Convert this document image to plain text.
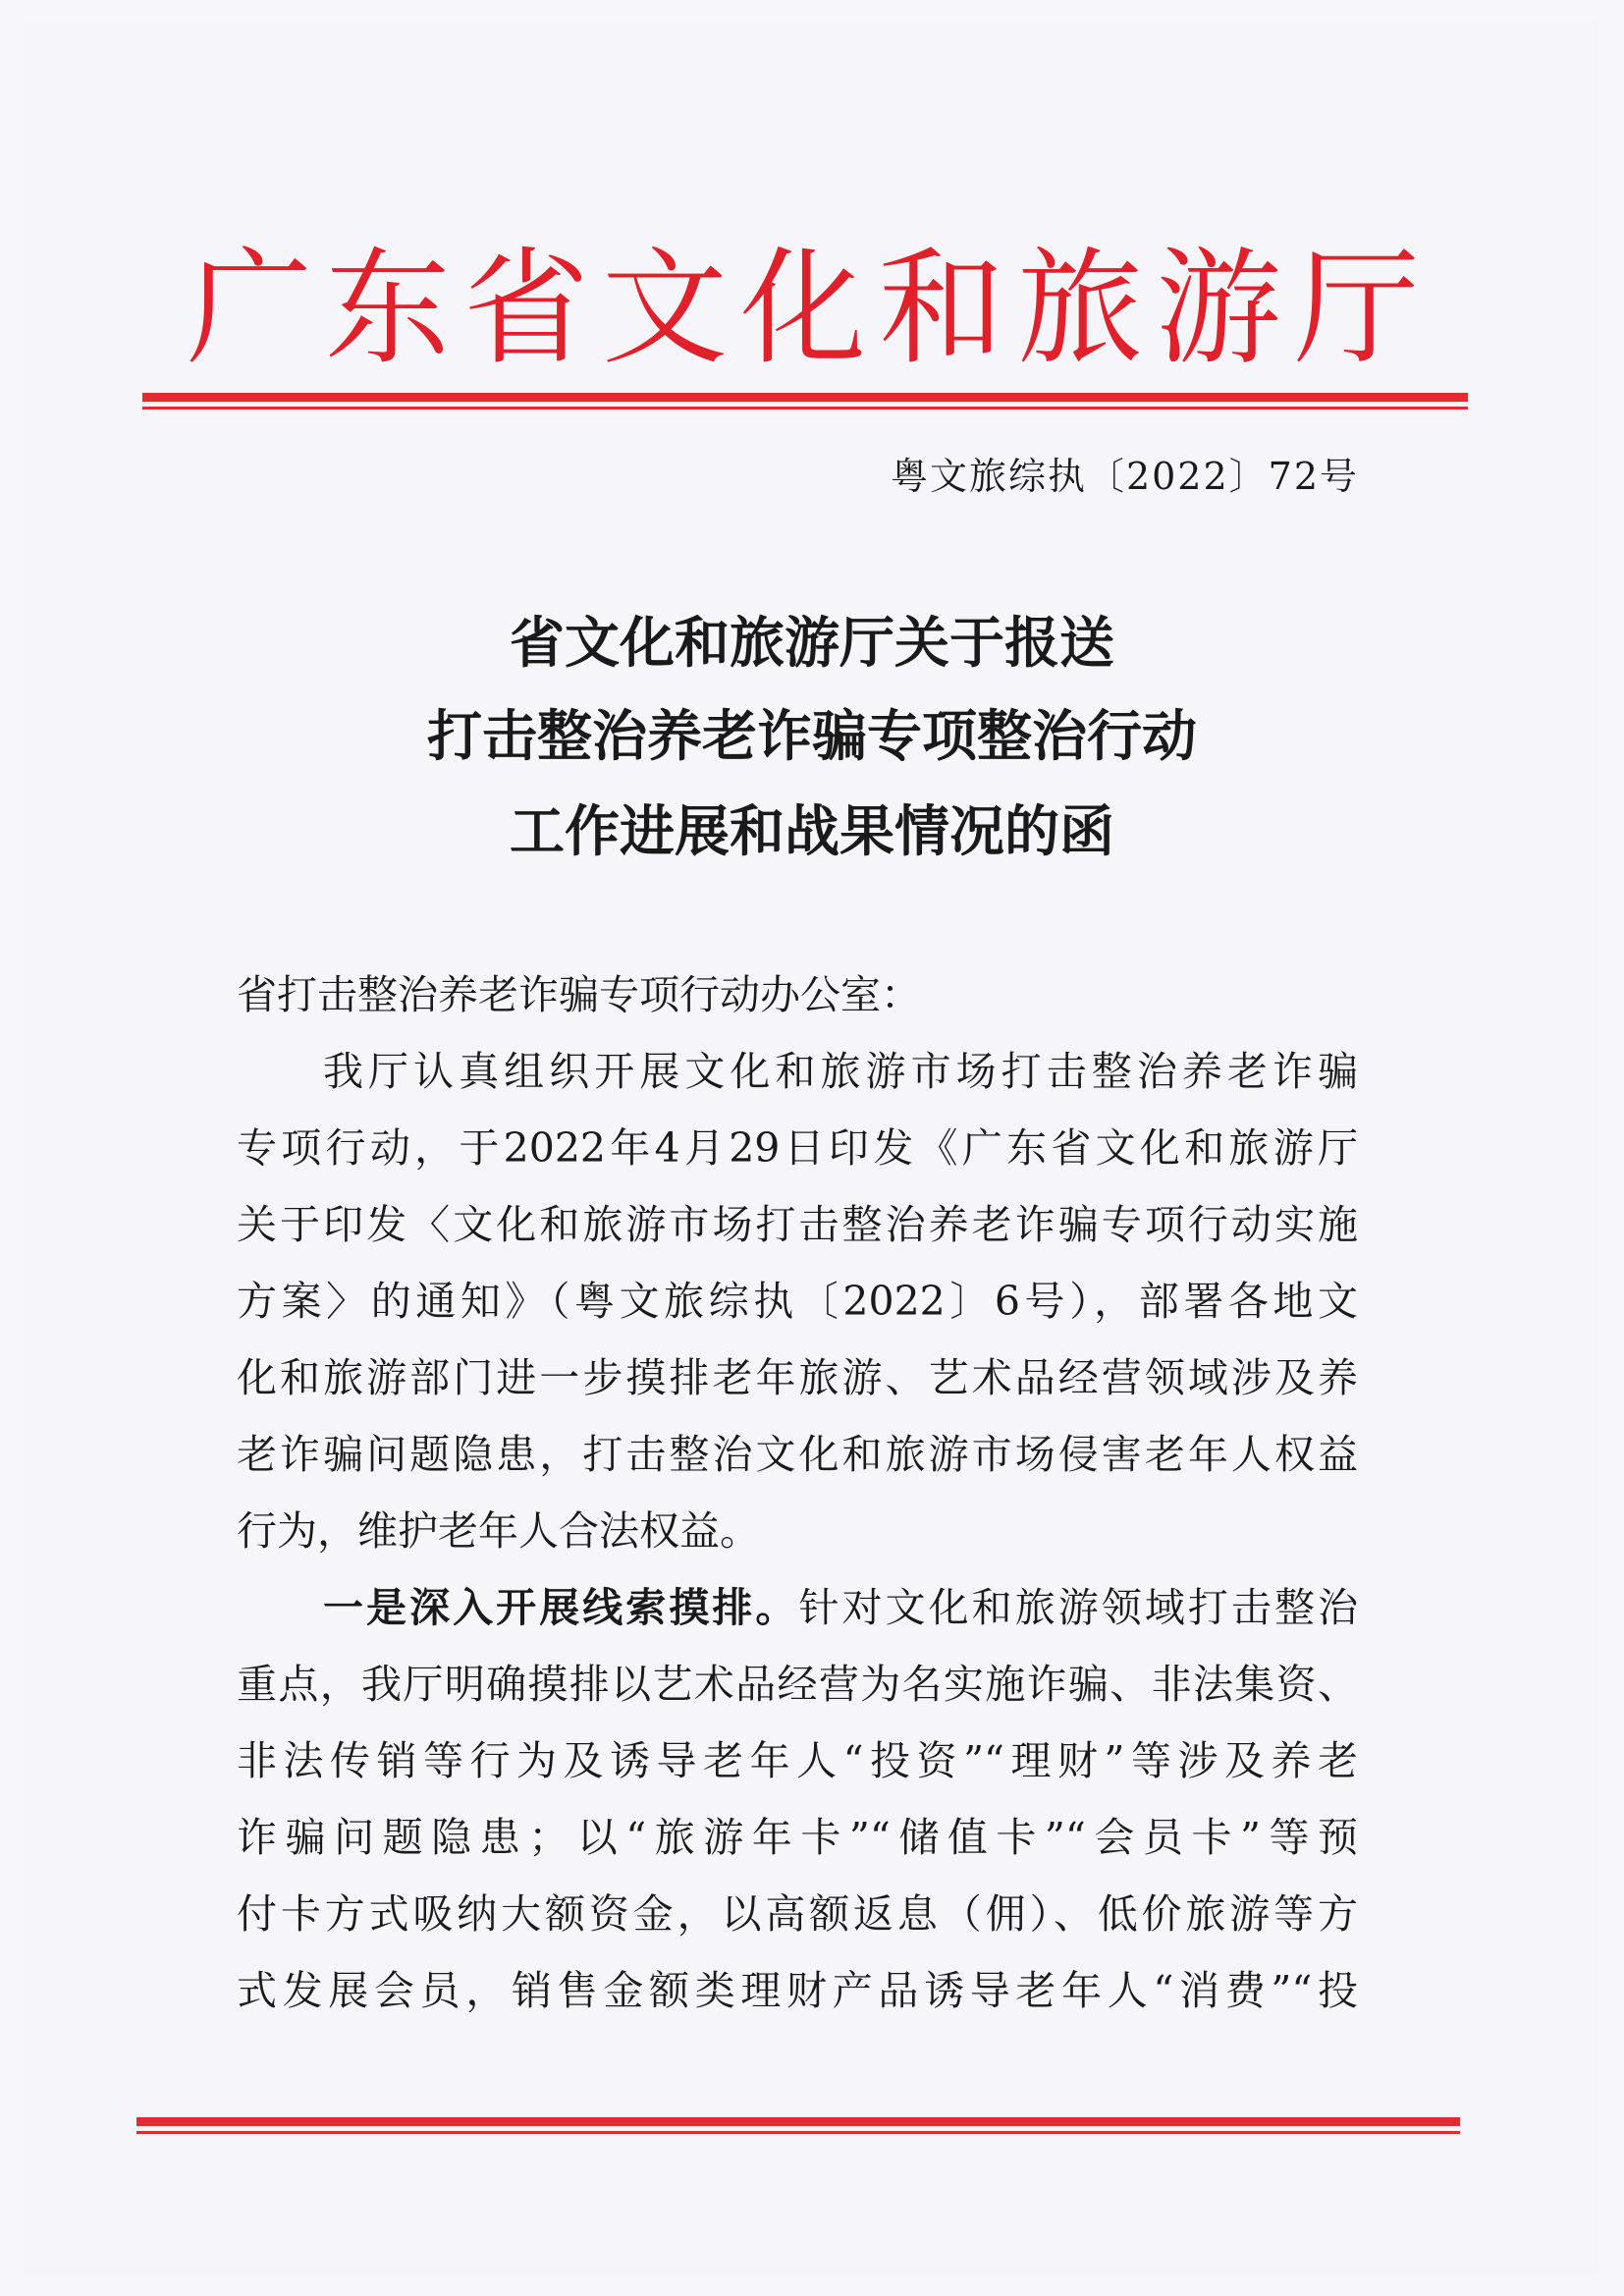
广东省文化和旅游厅
粤文旅综执〔2022〕72号
省文化和旅游厅关于报送
打击整治养老诈骗专项整治行动
工作进展和战果情况的函
省打击整治养老诈骗专项行动办公室：
我厅认真组织开展文化和旅游市场打击整治养老诈骗
专项行动，于2022年4月29日印发《广东省文化和旅游厅
关于印发〈文化和旅游市场打击整治养老诈骗专项行动实施
方案〉的通知》（粤文旅综执〔2022〕6号），部署各地文
化和旅游部门进一步摸排老年旅游、艺术品经营领域涉及养
老诈骗问题隐患，打击整治文化和旅游市场侵害老年人权益
行为，维护老年人合法权益。
一是深入开展线索摸排。针对文化和旅游领域打击整治
重点，我厅明确摸排以艺术品经营为名实施诈骗、非法集资、
非法传销等行为及诱导老年人“投资”“理财”等涉及养老
诈骗问题隐患；以“旅游年卡”“储值卡”“会员卡”等预
付卡方式吸纳大额资金，以高额返息（佣）、低价旅游等方
式发展会员，销售金额类理财产品诱导老年人“消费”“投
